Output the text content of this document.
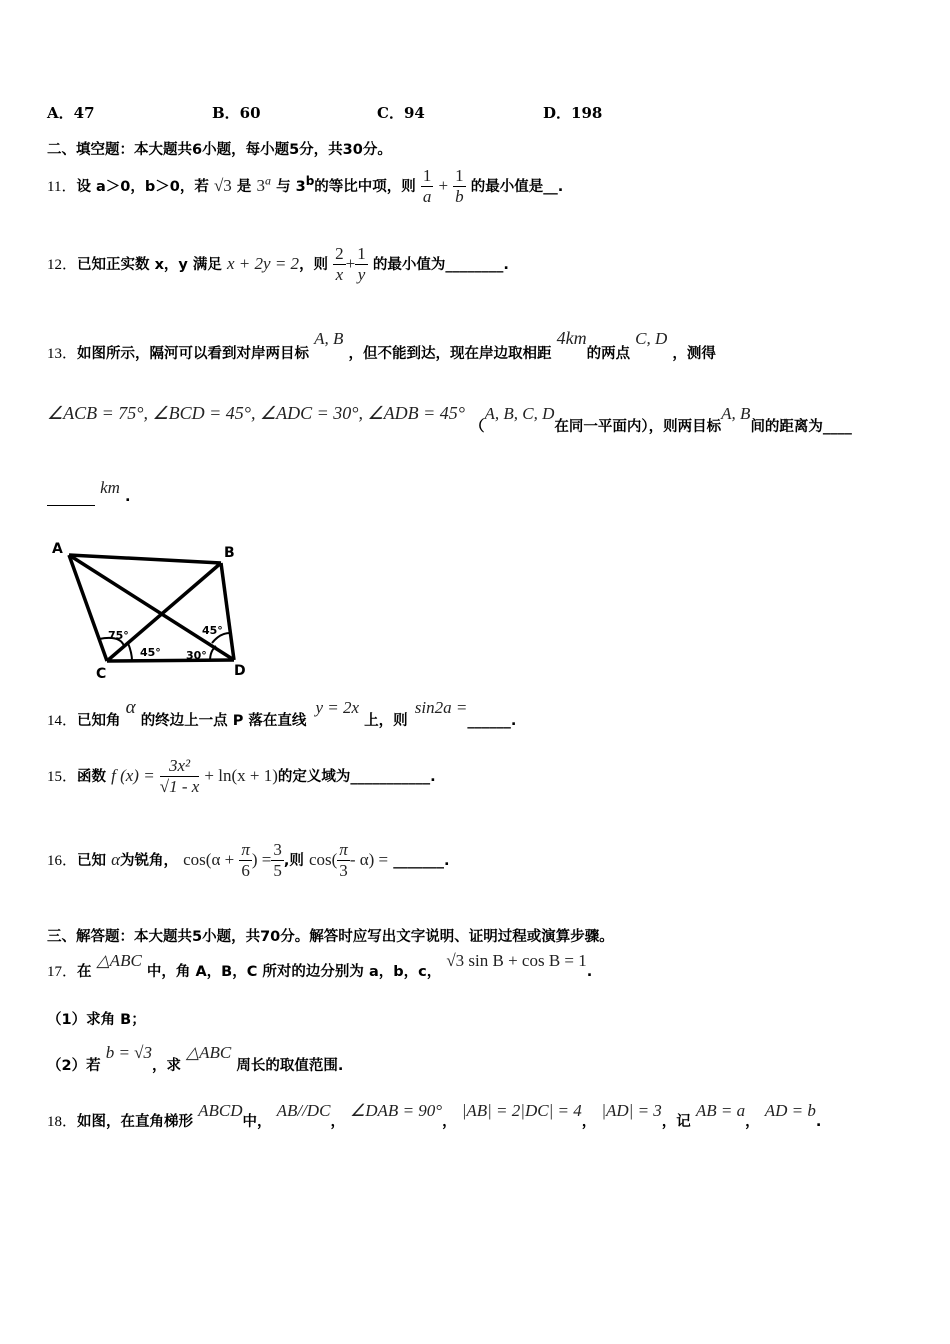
A．47	B．60	C．94	D．198
二、填空题：本大题共6小题，每小题5分，共30分。
11．设 a＞0，b＞0，若 √3 是 3$^a$ 与 3$^b$的等比中项，则 $\frac{1}{a} + \frac{1}{b}$ 的最小值是__.
12．已知正实数 x，y 满足 x + 2y = 2，则 $\frac{2}{x} + \frac{1}{y}$ 的最小值为________.
13．如图所示，隔河可以看到对岸两目标 A, B ，但不能到达，现在岸边取相距 4km的两点 C, D ，测得
∠ACB = 75°, ∠BCD = 45°, ∠ADC = 30°, ∠ADB = 45° （A, B, C, D在同一平面内），则两目标A, B间的距离为____
km .
A	B
C	D
75°
45° 30°
45°
14．已知角 α 的终边上一点 P 落在直线 y = 2x 上，则 sin2a =______.
15．函数 f $(x) = \frac{\text{3x²}}{√1 - x} + \ln(x + 1)$的定义域为___________.
16．已知 α为锐角， $\cos(\alpha + \frac{\pi}{6}$ ) = $\frac{3}{5}$ ,则 $\cos( \frac{\pi}{3} - \alpha)$ = _______.
三、解答题：本大题共5小题，共70分。解答时应写出文字说明、证明过程或演算步骤。
17．在 △ABC 中，角 A，B，C 所对的边分别为 a，b，c， √3 sin B + cos B = 1.
（1）求角 B；
（2）若 b = √3，求 △ABC 周长的取值范围.
18．如图，在直角梯形 ABCD中， AB//DC， ∠DAB = 90°， |AB| = 2|DC| = 4， |AD| = 3，记 AB = a， AD = b.
